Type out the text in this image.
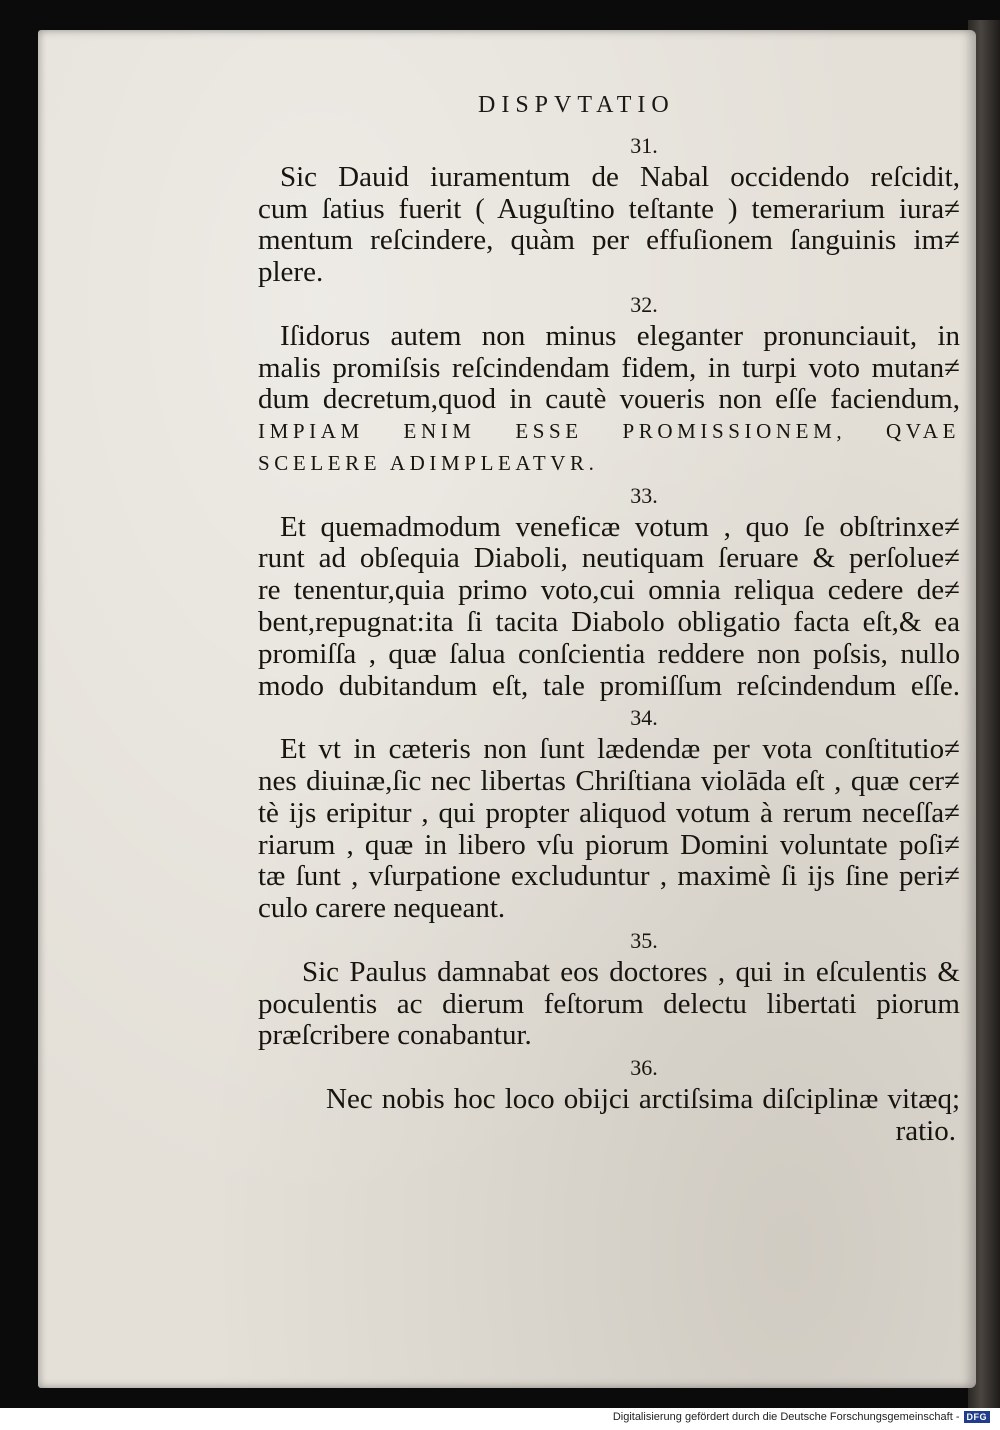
DISPVTATIO
31.
Sic Dauid iuramentum de Nabal occidendo reſcidit,
cum ſatius fuerit ( Auguſtino teſtante ) temerarium iura≠
mentum reſcindere, quàm per effuſionem ſanguinis im≠
plere.
32.
Iſidorus autem non minus eleganter pronunciauit, in
malis promiſsis reſcindendam fidem, in turpi voto mutan≠
dum decretum,quod in cautè voueris non eſſe faciendum,
IMPIAM ENIM ESSE PROMISSIONEM, QVAE
SCELERE ADIMPLEATVR.
33.
Et quemadmodum veneficæ votum , quo ſe obſtrinxe≠
runt ad obſequia Diaboli, neutiquam ſeruare & perſolue≠
re tenentur,quia primo voto,cui omnia reliqua cedere de≠
bent,repugnat:ita ſi tacita Diabolo obligatio facta eſt,& ea
promiſſa , quæ ſalua conſcientia reddere non poſsis, nullo
modo dubitandum eſt, tale promiſſum reſcindendum eſſe.
34.
Et vt in cæteris non ſunt lædendæ per vota conſtitutio≠
nes diuinæ,ſic nec libertas Chriſtiana violāda eſt , quæ cer≠
tè ijs eripitur , qui propter aliquod votum à rerum neceſſa≠
riarum , quæ in libero vſu piorum Domini voluntate poſi≠
tæ ſunt , vſurpatione excluduntur , maximè ſi ijs ſine peri≠
culo carere nequeant.
35.
Sic Paulus damnabat eos doctores , qui in eſculentis &
poculentis ac dierum feſtorum delectu libertati piorum
præſcribere conabantur.
36.
Nec nobis hoc loco obijci arctiſsima diſciplinæ vitæq;
ratio.
Digitalisierung gefördert durch die Deutsche Forschungsgemeinschaft - DFG
